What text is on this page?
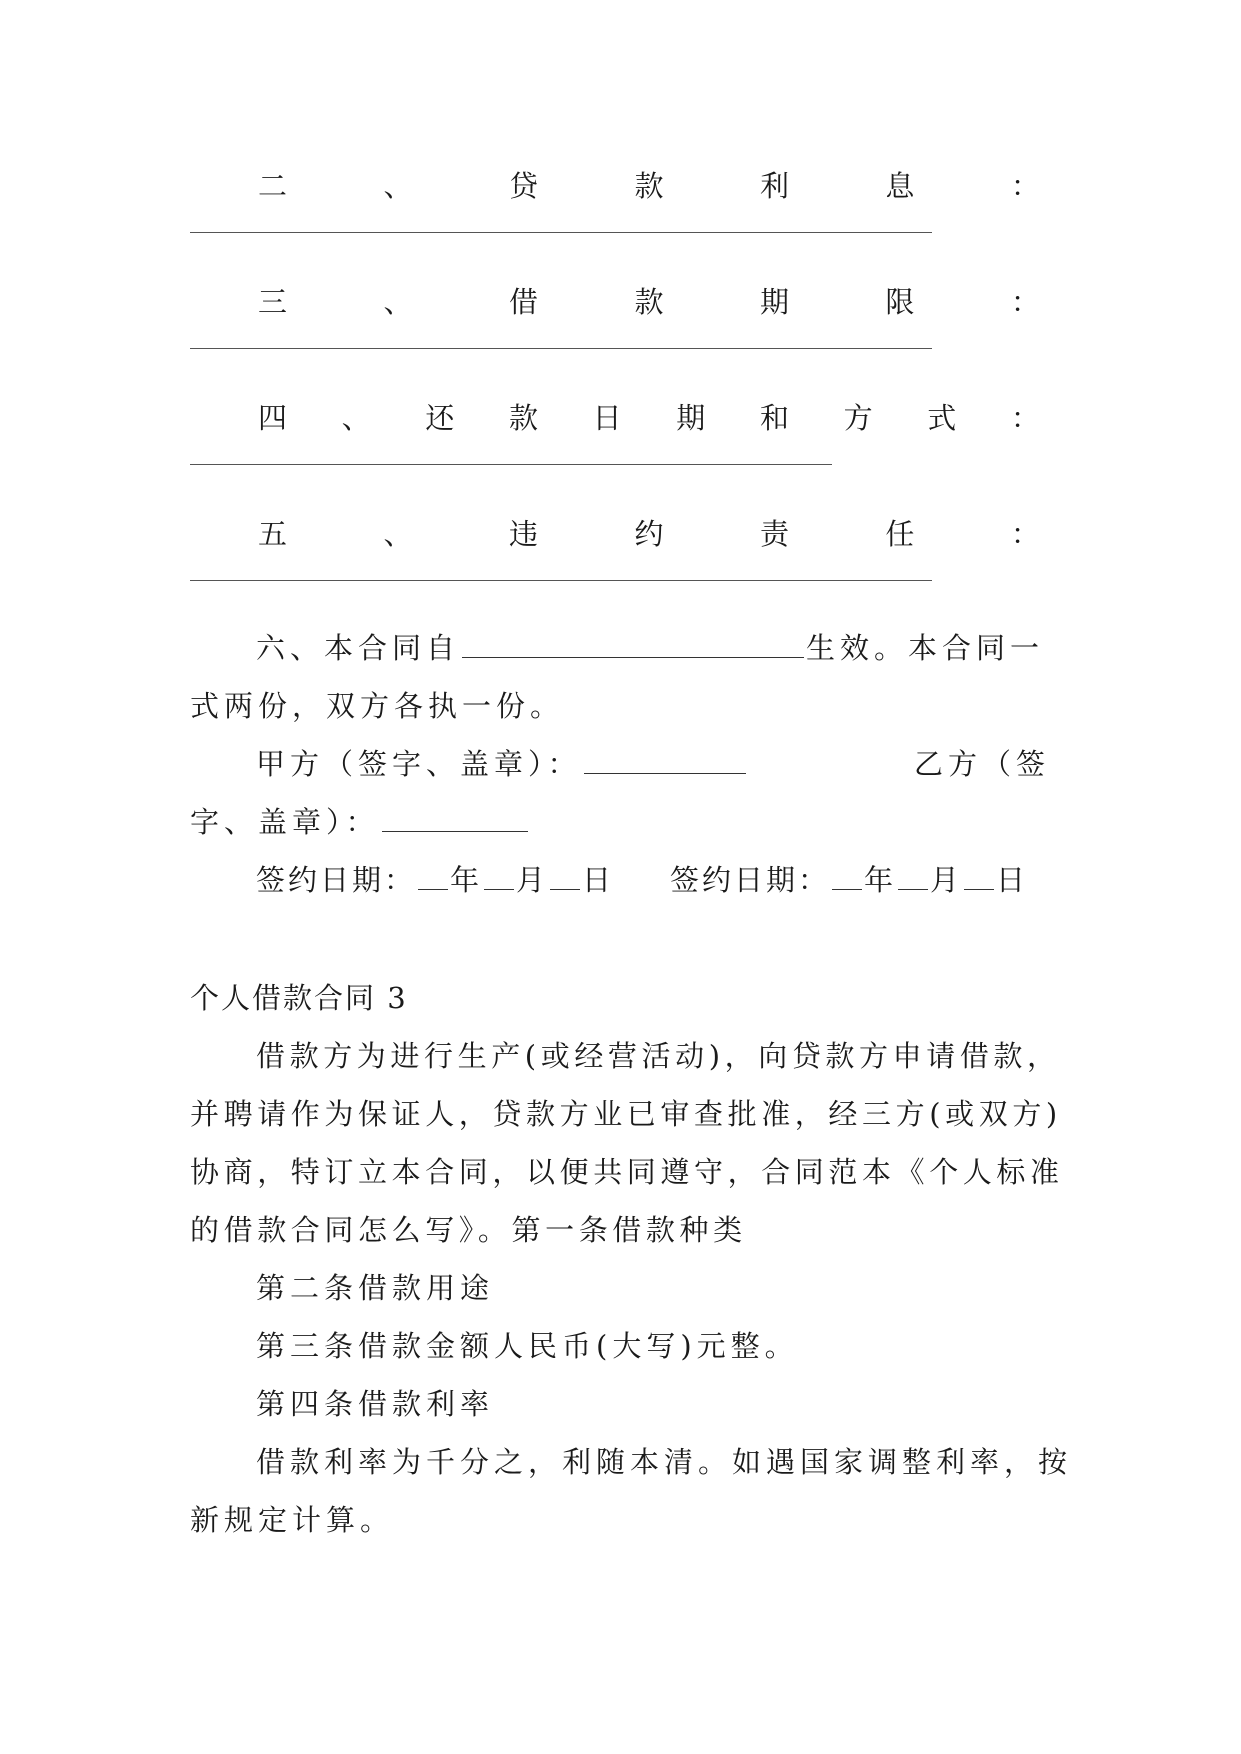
二	、	贷	款	利	息	：
三	、	借	款	期	限	：
四 、 还 款 日 期 和 方 式 ：
五	、	违	约	责	任	：
六、本合同自	生效。本合同一
式两份，双方各执一份。
甲方（签字、盖章）：	乙方（签
字、盖章）：
签约日期： 年 月 日 签约日期： 年 月 日
个人借款合同 3
借款方为进行生产(或经营活动)，向贷款方申请借款，
并聘请作为保证人，贷款方业已审查批准，经三方(或双方)
协商，特订立本合同，以便共同遵守，合同范本《个人标准
的借款合同怎么写》。第一条借款种类
第二条借款用途
第三条借款金额人民币(大写)元整。
第四条借款利率
借款利率为千分之，利随本清。如遇国家调整利率，按
新规定计算。
